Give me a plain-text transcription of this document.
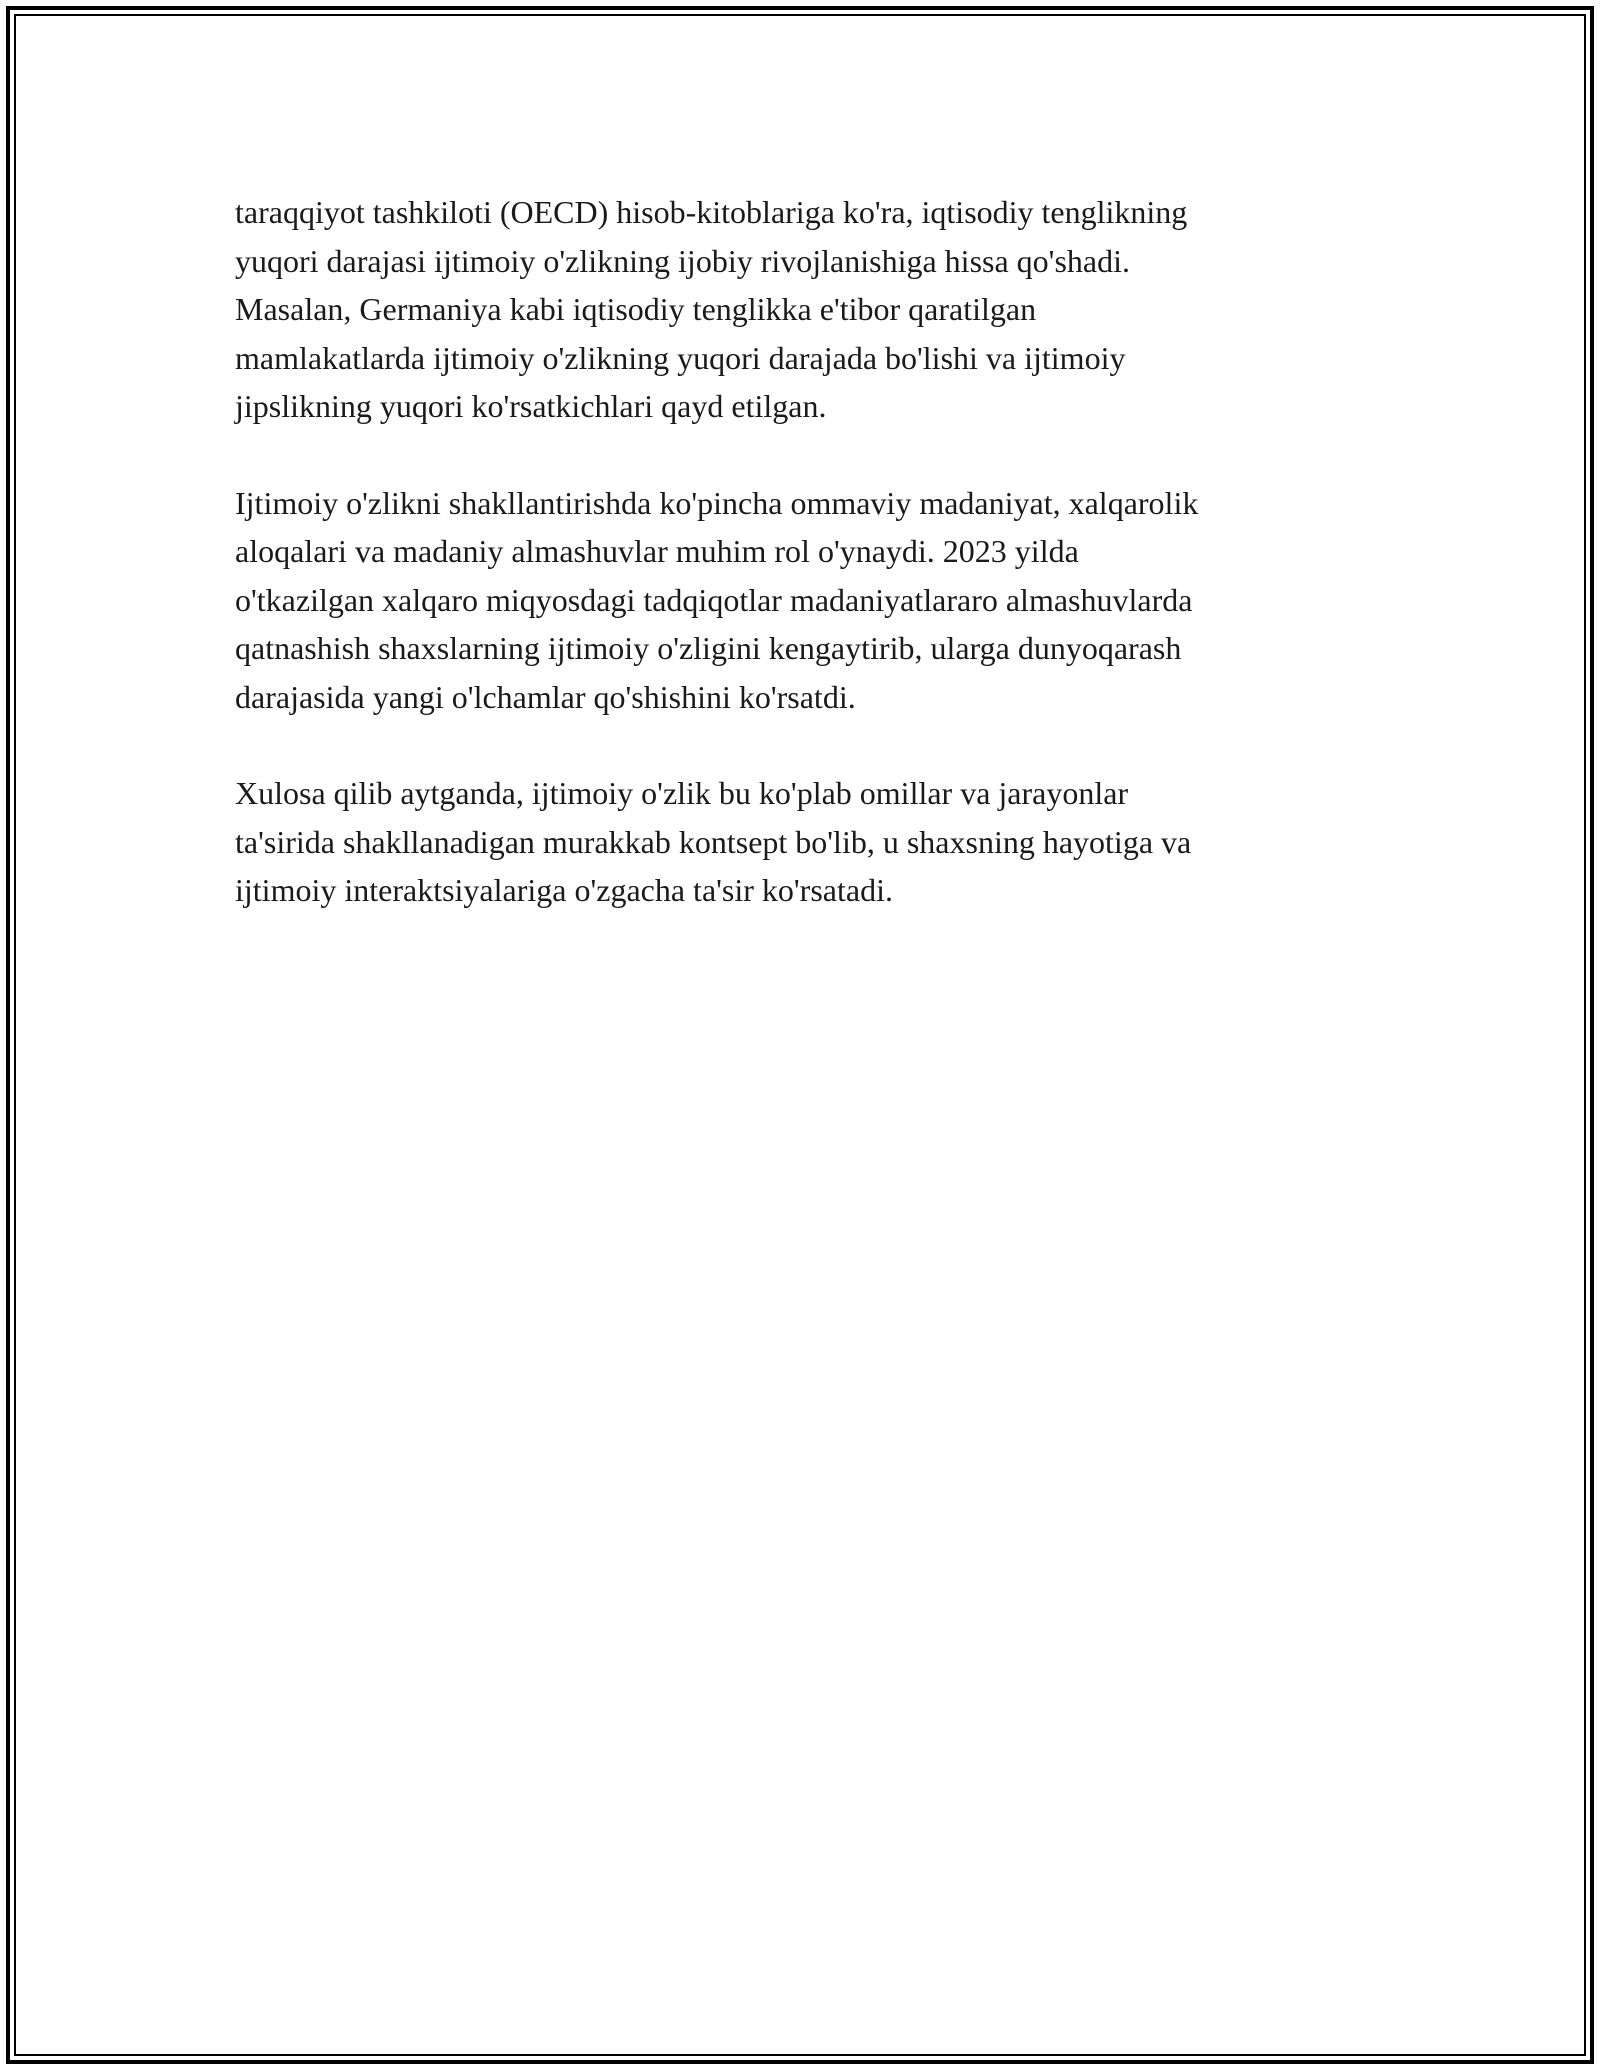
taraqqiyot tashkiloti (OECD) hisob-kitoblariga ko'ra, iqtisodiy tenglikning
yuqori darajasi ijtimoiy o'zlikning ijobiy rivojlanishiga hissa qo'shadi.
Masalan, Germaniya kabi iqtisodiy tenglikka e'tibor qaratilgan
mamlakatlarda ijtimoiy o'zlikning yuqori darajada bo'lishi va ijtimoiy
jipslikning yuqori ko'rsatkichlari qayd etilgan.
Ijtimoiy o'zlikni shakllantirishda ko'pincha ommaviy madaniyat, xalqarolik
aloqalari va madaniy almashuvlar muhim rol o'ynaydi. 2023 yilda
o'tkazilgan xalqaro miqyosdagi tadqiqotlar madaniyatlararo almashuvlarda
qatnashish shaxslarning ijtimoiy o'zligini kengaytirib, ularga dunyoqarash
darajasida yangi o'lchamlar qo'shishini ko'rsatdi.
Xulosa qilib aytganda, ijtimoiy o'zlik bu ko'plab omillar va jarayonlar
ta'sirida shakllanadigan murakkab kontsept bo'lib, u shaxsning hayotiga va
ijtimoiy interaktsiyalariga o'zgacha ta'sir ko'rsatadi.
